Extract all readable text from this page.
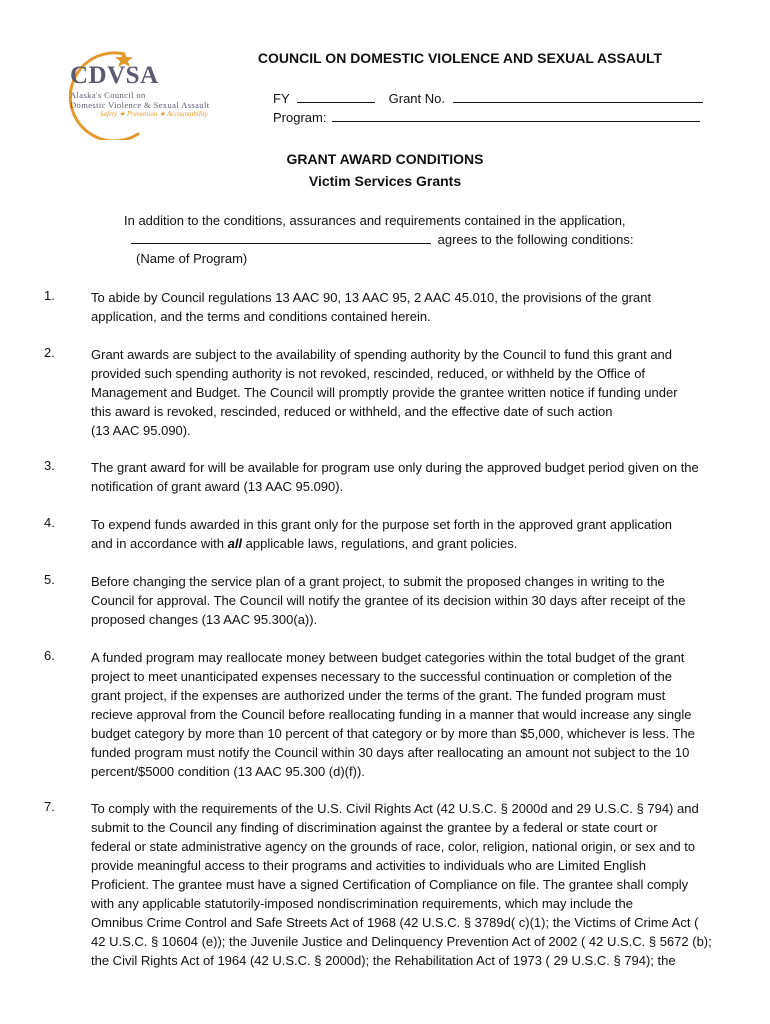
CDVSA
Alaska's Council on
Domestic Violence & Sexual Assault
Safety ★ Prevention ★ Accountability
COUNCIL ON DOMESTIC VIOLENCE AND SEXUAL ASSAULT
FY	Grant No.
Program:
GRANT AWARD CONDITIONS
Victim Services Grants
In addition to the conditions, assurances and requirements contained in the application,
agrees to the following conditions:
(Name of Program)
1.	To abide by Council regulations 13 AAC 90, 13 AAC 95, 2 AAC 45.010, the provisions of the grant
application, and the terms and conditions contained herein.
2.	Grant awards are subject to the availability of spending authority by the Council to fund this grant and
provided such spending authority is not revoked, rescinded, reduced, or withheld by the Office of
Management and Budget. The Council will promptly provide the grantee written notice if funding under
this award is revoked, rescinded, reduced or withheld, and the effective date of such action
(13 AAC 95.090).
3.	The grant award for will be available for program use only during the approved budget period given on the
notification of grant award (13 AAC 95.090).
4.	To expend funds awarded in this grant only for the purpose set forth in the approved grant application
and in accordance with all applicable laws, regulations, and grant policies.
5.	Before changing the service plan of a grant project, to submit the proposed changes in writing to the
Council for approval. The Council will notify the grantee of its decision within 30 days after receipt of the
proposed changes (13 AAC 95.300(a)).
6.	A funded program may reallocate money between budget categories within the total budget of the grant
project to meet unanticipated expenses necessary to the successful continuation or completion of the
grant project, if the expenses are authorized under the terms of the grant. The funded program must
recieve approval from the Council before reallocating funding in a manner that would increase any single
budget category by more than 10 percent of that category or by more than $5,000, whichever is less. The
funded program must notify the Council within 30 days after reallocating an amount not subject to the 10
percent/$5000 condition (13 AAC 95.300 (d)(f)).
7.	To comply with the requirements of the U.S. Civil Rights Act (42 U.S.C. § 2000d and 29 U.S.C. § 794) and
submit to the Council any finding of discrimination against the grantee by a federal or state court or
federal or state administrative agency on the grounds of race, color, religion, national origin, or sex and to
provide meaningful access to their programs and activities to individuals who are Limited English
Proficient. The grantee must have a signed Certification of Compliance on file. The grantee shall comply
with any applicable statutorily-imposed nondiscrimination requirements, which may include the
Omnibus Crime Control and Safe Streets Act of 1968 (42 U.S.C. § 3789d( c)(1); the Victims of Crime Act (
42 U.S.C. § 10604 (e)); the Juvenile Justice and Delinquency Prevention Act of 2002 ( 42 U.S.C. § 5672 (b);
the Civil Rights Act of 1964 (42 U.S.C. § 2000d); the Rehabilitation Act of 1973 ( 29 U.S.C. § 794); the
